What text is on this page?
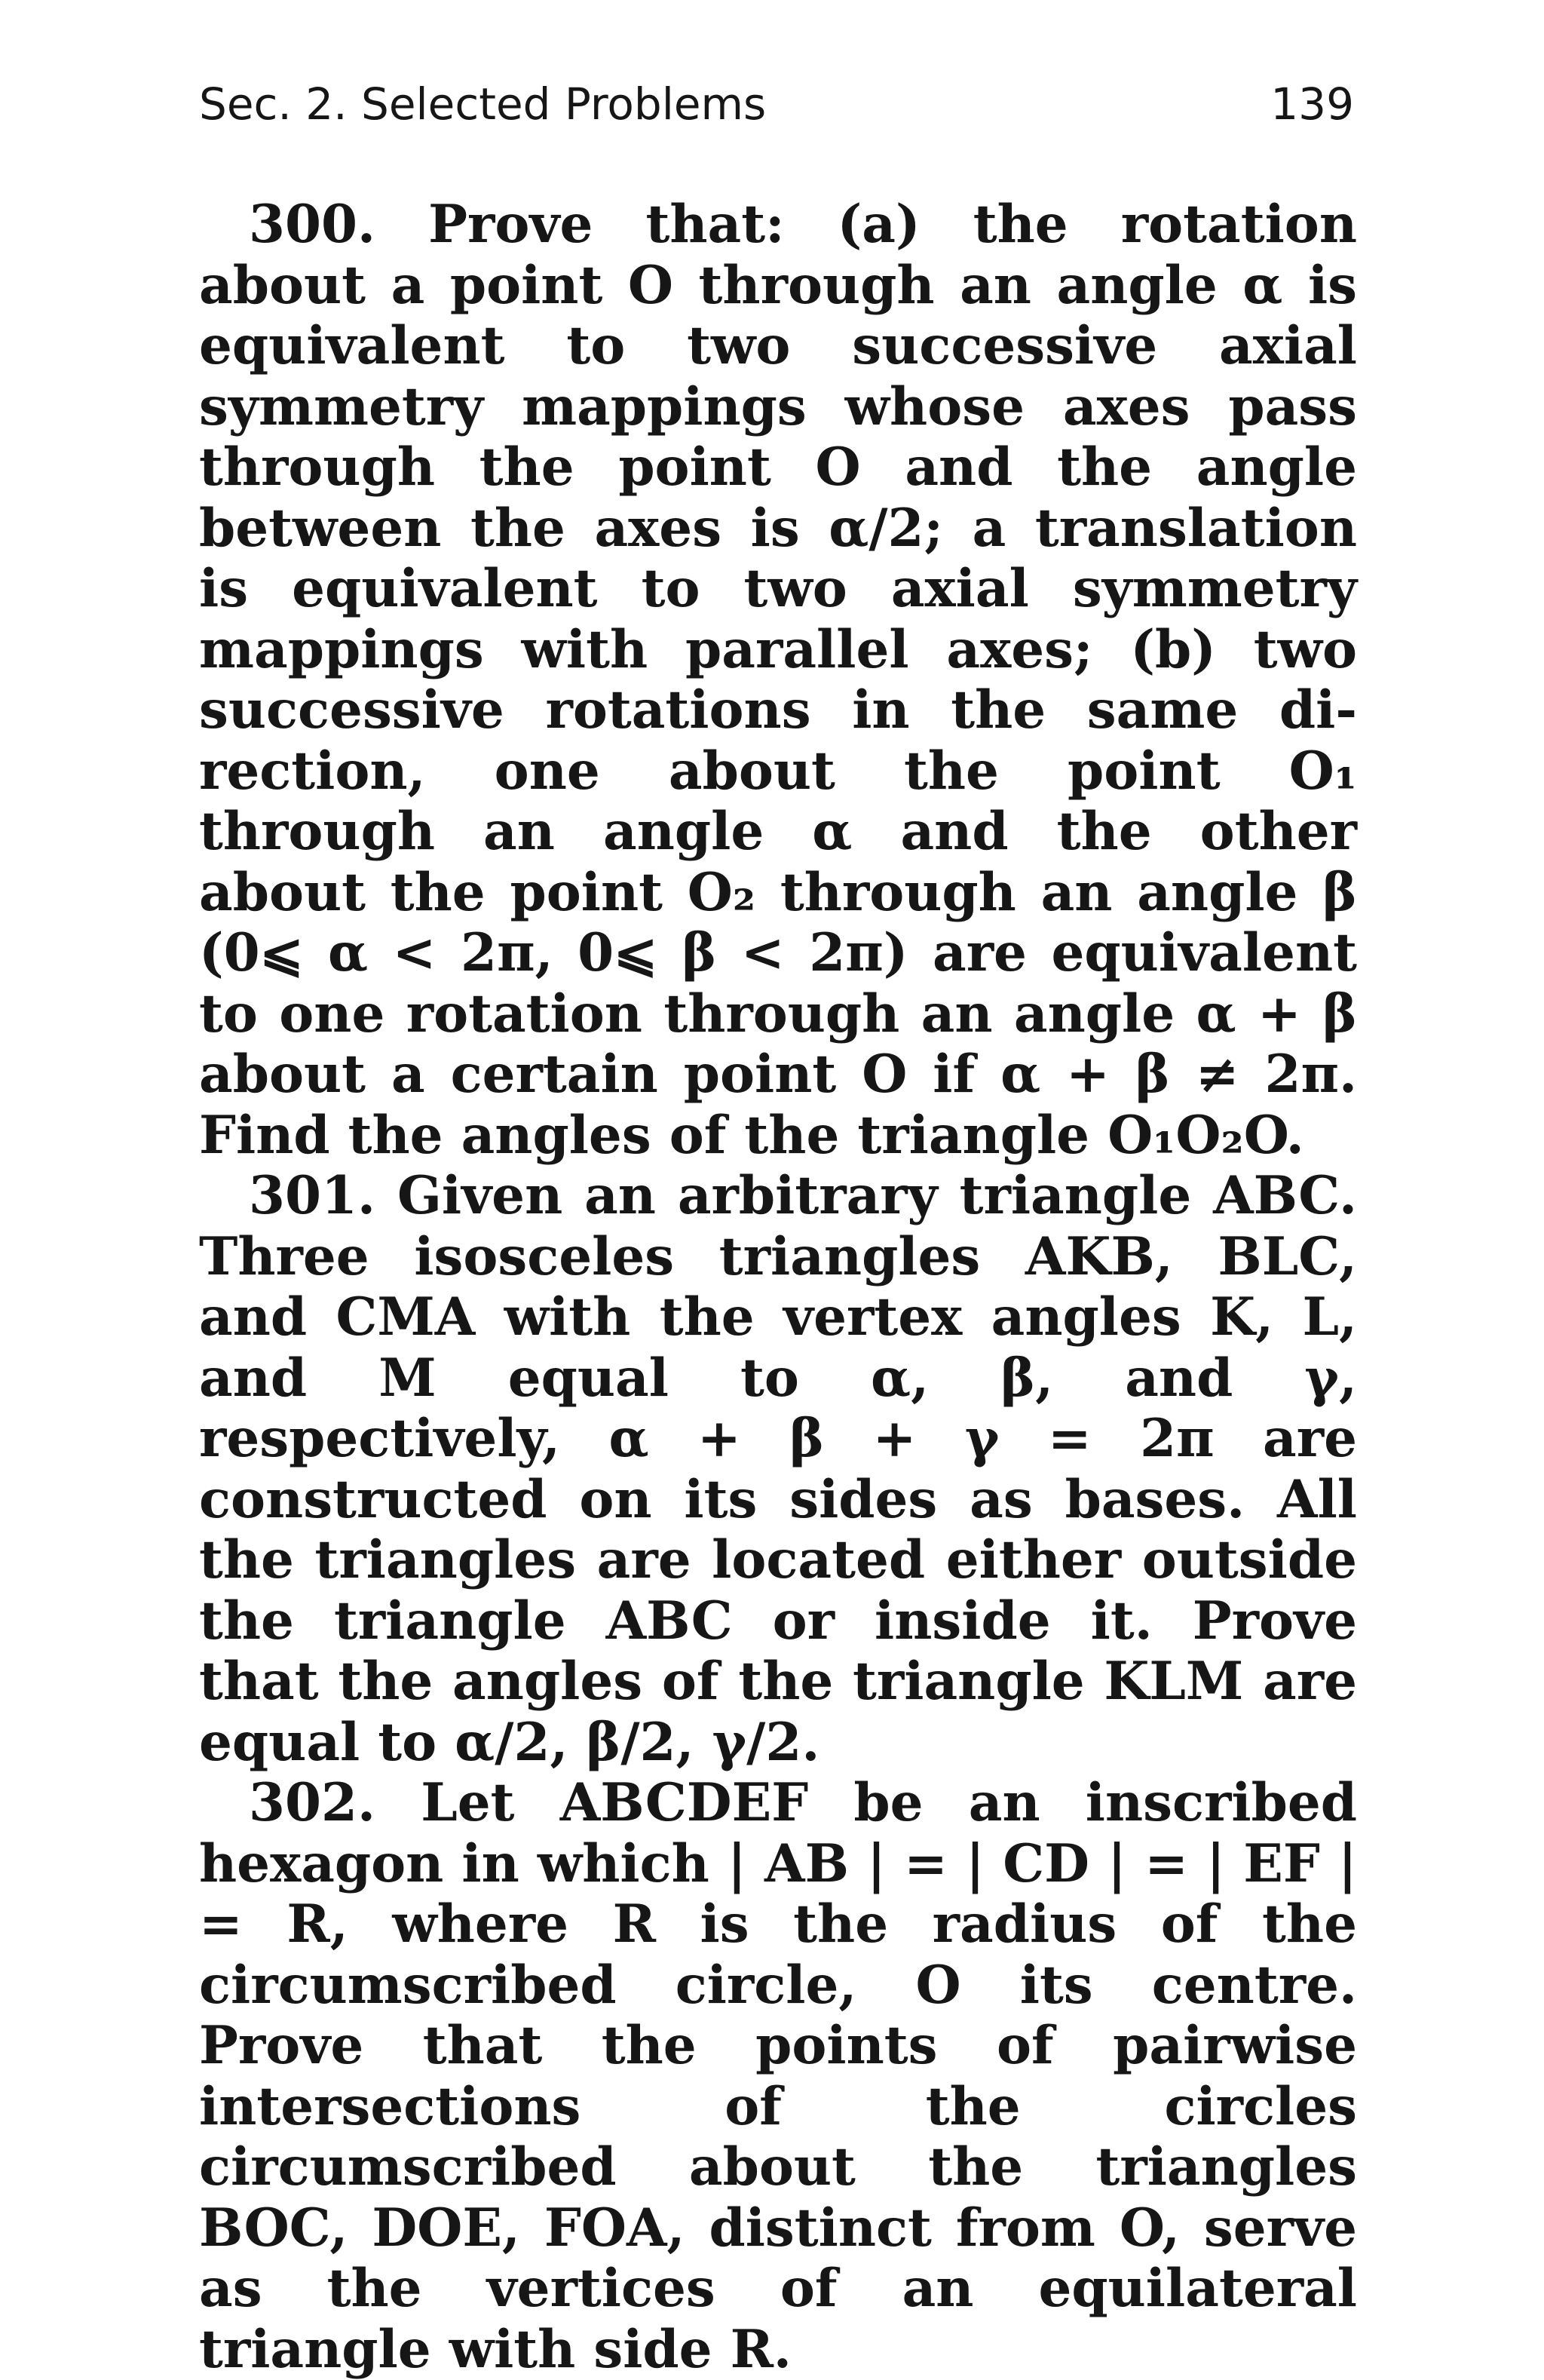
Sec. 2. Selected Problems	139

300. Prove that: (a) the rotation about a point O through an angle α is equivalent to two successive axial symmetry mappings whose axes pass through the point O and the angle between the axes is α/2; a translation is equivalent to two axial symmetry mappings with parallel axes; (b) two successive rotations in the same direction, one about the point O₁ through an angle α and the other about the point O₂ through an angle β (0⩽ α < 2π, 0⩽ β < 2π) are equivalent to one rotation through an angle α + β about a certain point O if α + β ≠ 2π. Find the angles of the triangle O₁O₂O.

301. Given an arbitrary triangle ABC. Three isosceles triangles AKB, BLC, and CMA with the vertex angles K, L, and M equal to α, β, and γ, respectively, α + β + γ = 2π are constructed on its sides as bases. All the triangles are located either outside the triangle ABC or inside it. Prove that the angles of the triangle KLM are equal to α/2, β/2, γ/2.

302. Let ABCDEF be an inscribed hexagon in which | AB | = | CD | = | EF | = R, where R is the radius of the circumscribed circle, O its centre. Prove that the points of pairwise intersections of the circles circumscribed about the triangles BOC, DOE, FOA, distinct from O, serve as the vertices of an equilateral triangle with side R.
